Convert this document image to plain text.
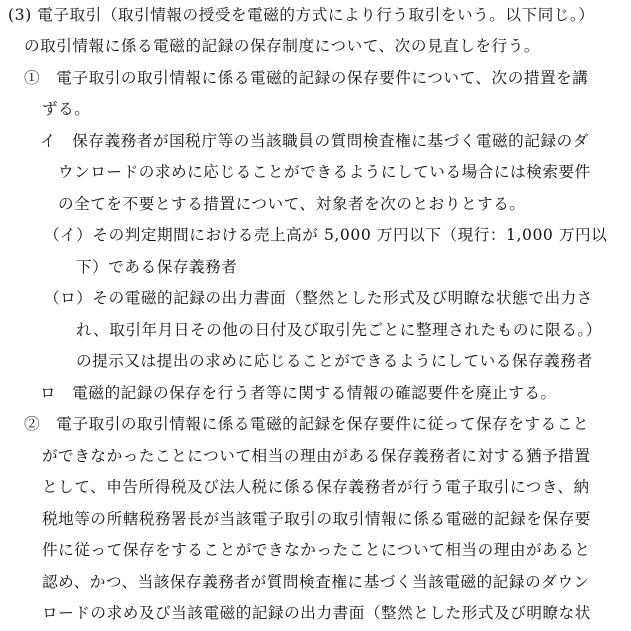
(3) 電子取引（取引情報の授受を電磁的方式により行う取引をいう。以下同じ。）
の取引情報に係る電磁的記録の保存制度について、次の見直しを行う。
①　電子取引の取引情報に係る電磁的記録の保存要件について、次の措置を講
ずる。
イ　保存義務者が国税庁等の当該職員の質問検査権に基づく電磁的記録のダ
ウンロードの求めに応じることができるようにしている場合には検索要件
の全てを不要とする措置について、対象者を次のとおりとする。
（イ）その判定期間における売上高が 5,000 万円以下（現行：1,000 万円以
下）である保存義務者
（ロ）その電磁的記録の出力書面（整然とした形式及び明瞭な状態で出力さ
れ、取引年月日その他の日付及び取引先ごとに整理されたものに限る。）
の提示又は提出の求めに応じることができるようにしている保存義務者
ロ　電磁的記録の保存を行う者等に関する情報の確認要件を廃止する。
②　電子取引の取引情報に係る電磁的記録を保存要件に従って保存をすること
ができなかったことについて相当の理由がある保存義務者に対する猶予措置
として、申告所得税及び法人税に係る保存義務者が行う電子取引につき、納
税地等の所轄税務署長が当該電子取引の取引情報に係る電磁的記録を保存要
件に従って保存をすることができなかったことについて相当の理由があると
認め、かつ、当該保存義務者が質問検査権に基づく当該電磁的記録のダウン
ロードの求め及び当該電磁的記録の出力書面（整然とした形式及び明瞭な状
